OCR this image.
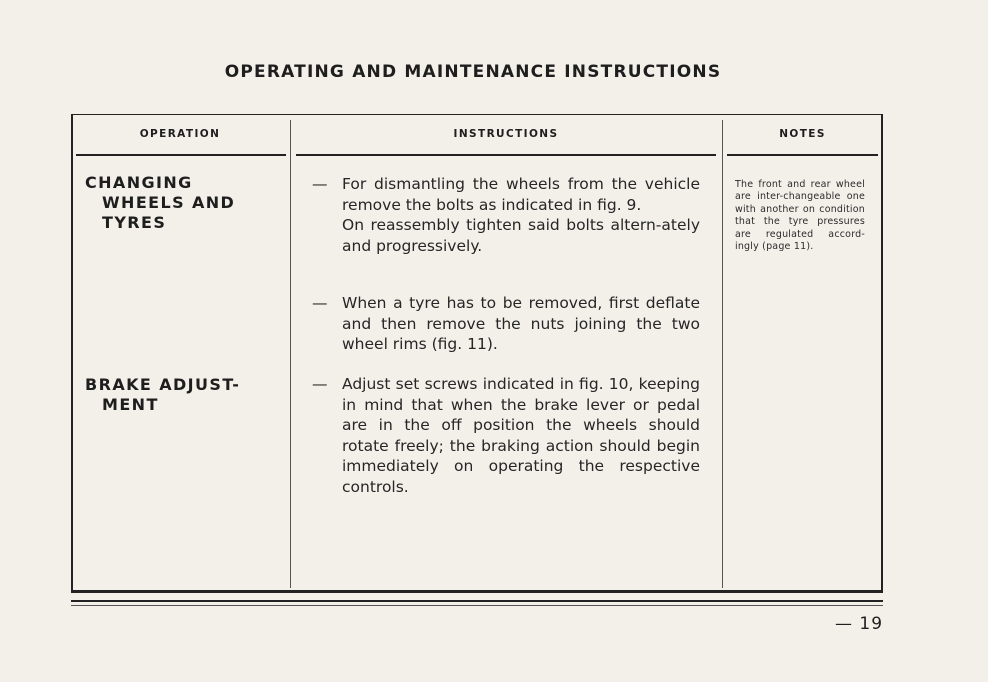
OPERATING AND MAINTENANCE INSTRUCTIONS
OPERATION	INSTRUCTIONS	NOTES
CHANGING
WHEELS AND
TYRES
BRAKE ADJUST-
MENT
— For dismantling the wheels from the vehicle remove the bolts as indicated in fig. 9.
On reassembly tighten said bolts altern-ately and progressively.
— When a tyre has to be removed, first deflate and then remove the nuts joining the two wheel rims (fig. 11).
— Adjust set screws indicated in fig. 10, keeping in mind that when the brake lever or pedal are in the off position the wheels should rotate freely; the braking action should begin immediately on operating the respective controls.
The front and rear wheel are inter-changeable one with another on condition that the tyre pressures are regulated accord-ingly (page 11).
— 19
